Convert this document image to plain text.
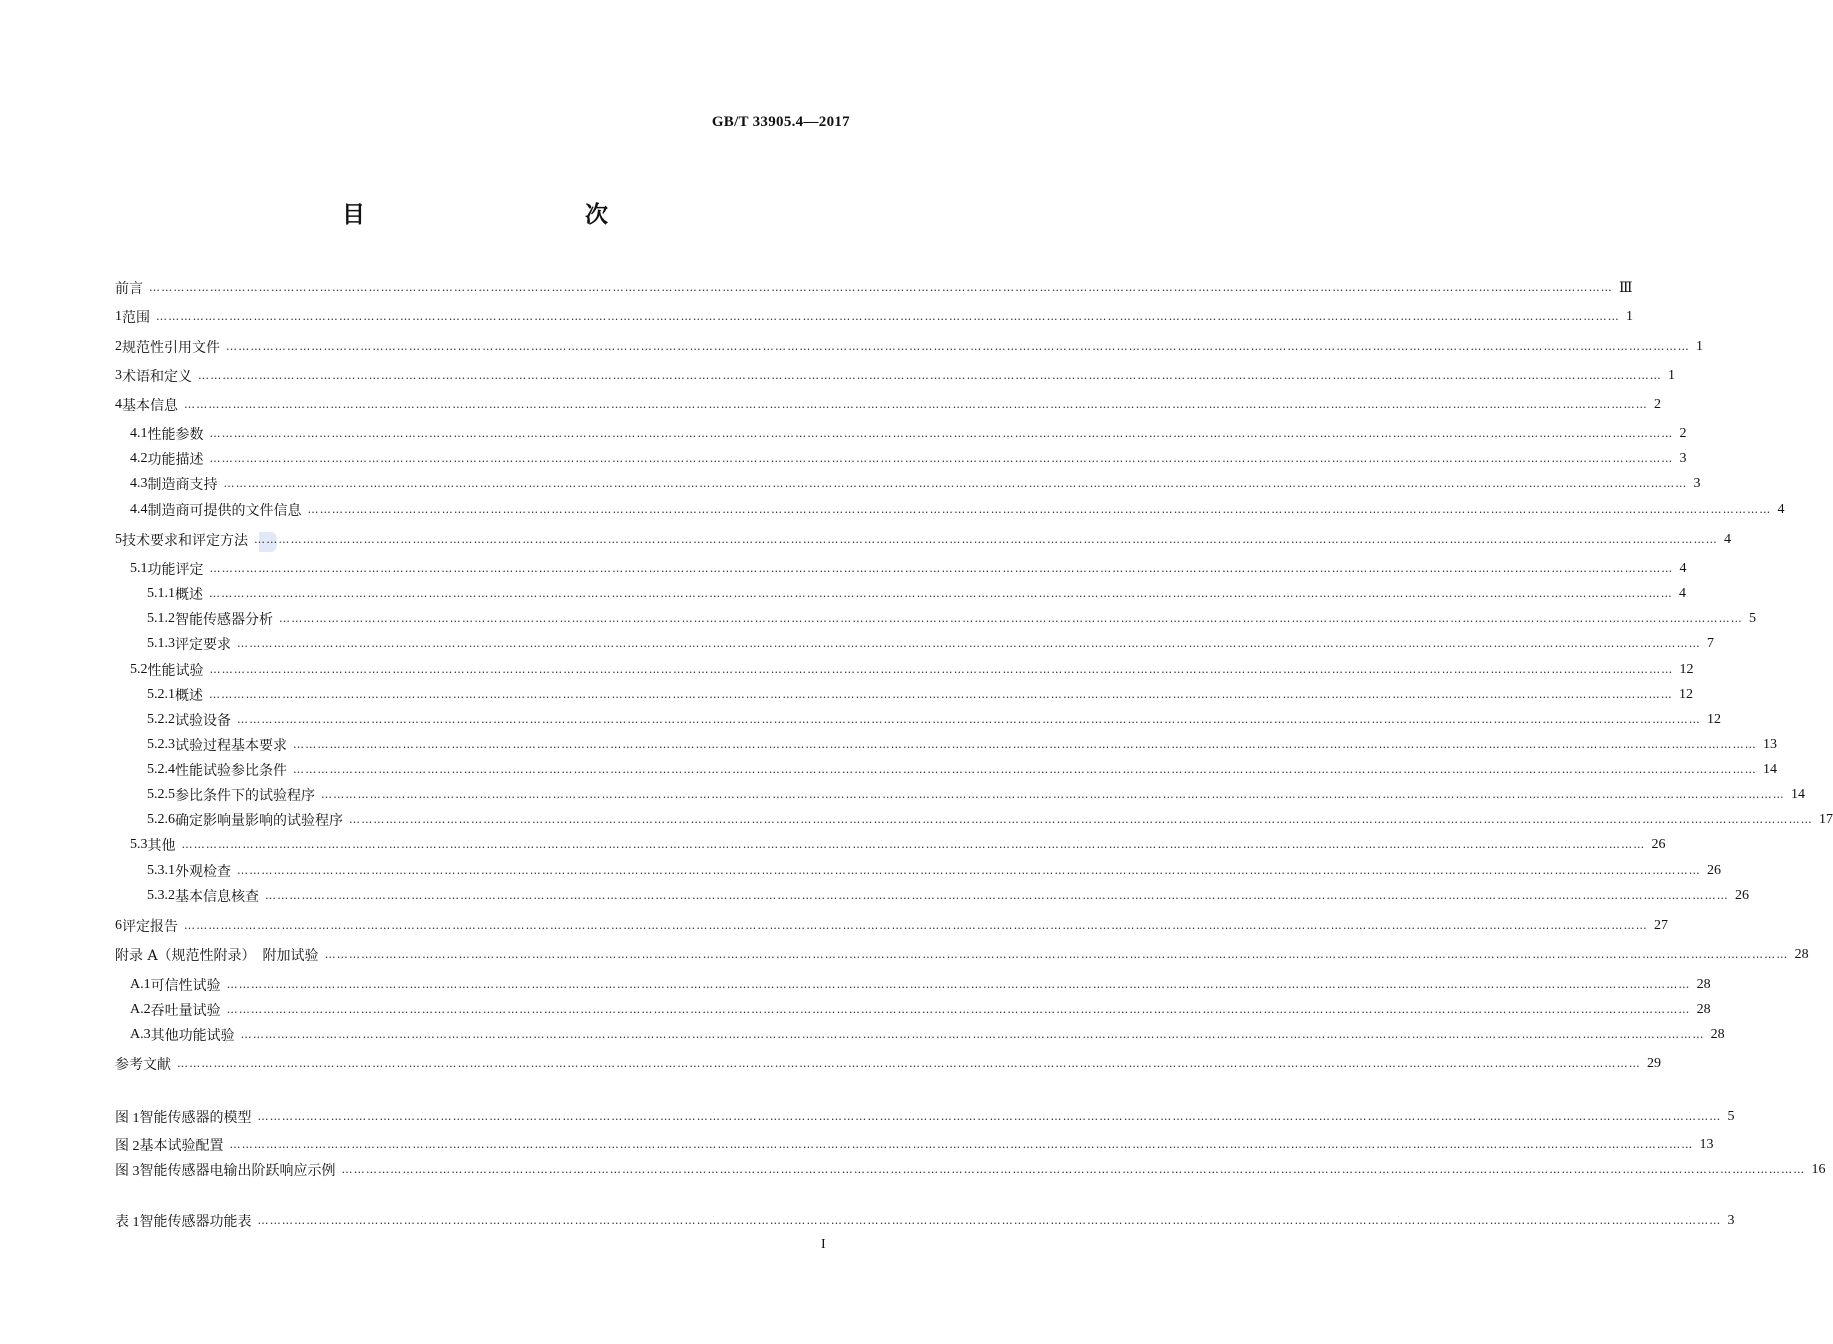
GB/T 33905.4—2017
目　　次
前言 ……………………………………………………………………………………………………………………………………………………………………………………………………………………………………………………………………………………………………………………………… Ⅲ
1 范围 ……………………………………………………………………………………………………………………………………………………………………………………………………………………………………………………………………………………………………………………………… 1
2 规范性引用文件 ……………………………………………………………………………………………………………………………………………………………………………………………………………………………………………………………………………………………………………………………… 1
3 术语和定义 ……………………………………………………………………………………………………………………………………………………………………………………………………………………………………………………………………………………………………………………………… 1
4 基本信息 ……………………………………………………………………………………………………………………………………………………………………………………………………………………………………………………………………………………………………………………………… 2
4.1 性能参数 ……………………………………………………………………………………………………………………………………………………………………………………………………………………………………………………………………………………………………………………………… 2
4.2 功能描述 ……………………………………………………………………………………………………………………………………………………………………………………………………………………………………………………………………………………………………………………………… 3
4.3 制造商支持 ……………………………………………………………………………………………………………………………………………………………………………………………………………………………………………………………………………………………………………………………… 3
4.4 制造商可提供的文件信息 ……………………………………………………………………………………………………………………………………………………………………………………………………………………………………………………………………………………………………………………………… 4
5 技术要求和评定方法 ……………………………………………………………………………………………………………………………………………………………………………………………………………………………………………………………………………………………………………………………… 4
5.1 功能评定 ……………………………………………………………………………………………………………………………………………………………………………………………………………………………………………………………………………………………………………………………… 4
5.1.1 概述 ……………………………………………………………………………………………………………………………………………………………………………………………………………………………………………………………………………………………………………………………… 4
5.1.2 智能传感器分析 ……………………………………………………………………………………………………………………………………………………………………………………………………………………………………………………………………………………………………………………………… 5
5.1.3 评定要求 ……………………………………………………………………………………………………………………………………………………………………………………………………………………………………………………………………………………………………………………………… 7
5.2 性能试验 ……………………………………………………………………………………………………………………………………………………………………………………………………………………………………………………………………………………………………………………………… 12
5.2.1 概述 ……………………………………………………………………………………………………………………………………………………………………………………………………………………………………………………………………………………………………………………………… 12
5.2.2 试验设备 ……………………………………………………………………………………………………………………………………………………………………………………………………………………………………………………………………………………………………………………………… 12
5.2.3 试验过程基本要求 ……………………………………………………………………………………………………………………………………………………………………………………………………………………………………………………………………………………………………………………………… 13
5.2.4 性能试验参比条件 ……………………………………………………………………………………………………………………………………………………………………………………………………………………………………………………………………………………………………………………………… 14
5.2.5 参比条件下的试验程序 ……………………………………………………………………………………………………………………………………………………………………………………………………………………………………………………………………………………………………………………………… 14
5.2.6 确定影响量影响的试验程序 ……………………………………………………………………………………………………………………………………………………………………………………………………………………………………………………………………………………………………………………………… 17
5.3 其他 ……………………………………………………………………………………………………………………………………………………………………………………………………………………………………………………………………………………………………………………………… 26
5.3.1 外观检查 ……………………………………………………………………………………………………………………………………………………………………………………………………………………………………………………………………………………………………………………………… 26
5.3.2 基本信息核查 ……………………………………………………………………………………………………………………………………………………………………………………………………………………………………………………………………………………………………………………………… 26
6 评定报告 ……………………………………………………………………………………………………………………………………………………………………………………………………………………………………………………………………………………………………………………………… 27
附录 A（规范性附录）　附加试验 ……………………………………………………………………………………………………………………………………………………………………………………………………………………………………………………………………………………………………………………………… 28
A.1 可信性试验 ……………………………………………………………………………………………………………………………………………………………………………………………………………………………………………………………………………………………………………………………… 28
A.2 吞吐量试验 ……………………………………………………………………………………………………………………………………………………………………………………………………………………………………………………………………………………………………………………………… 28
A.3 其他功能试验 ……………………………………………………………………………………………………………………………………………………………………………………………………………………………………………………………………………………………………………………………… 28
参考文献 ……………………………………………………………………………………………………………………………………………………………………………………………………………………………………………………………………………………………………………………………… 29
图 1 智能传感器的模型 ……………………………………………………………………………………………………………………………………………………………………………………………………………………………………………………………………………………………………………………………… 5
图 2 基本试验配置 ……………………………………………………………………………………………………………………………………………………………………………………………………………………………………………………………………………………………………………………………… 13
图 3 智能传感器电输出阶跃响应示例 ……………………………………………………………………………………………………………………………………………………………………………………………………………………………………………………………………………………………………………………………… 16
表 1 智能传感器功能表 ……………………………………………………………………………………………………………………………………………………………………………………………………………………………………………………………………………………………………………………………… 3
I
